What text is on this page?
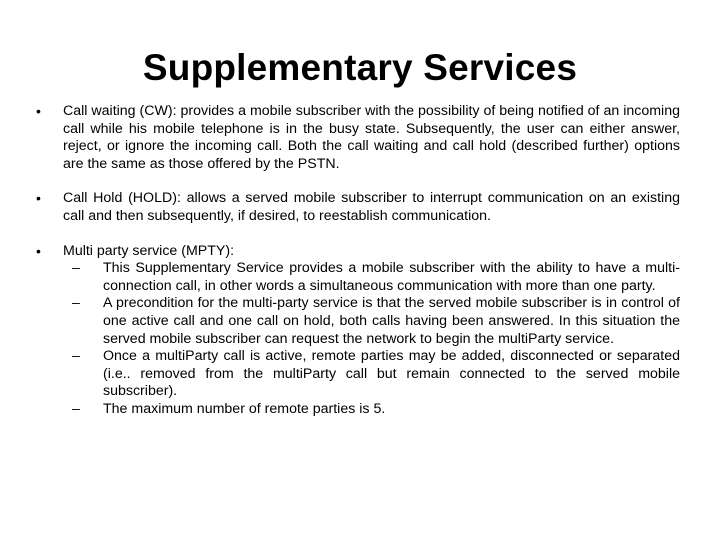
Supplementary Services
• Call waiting (CW): provides a mobile subscriber with the possibility of being notified of an incoming call while his mobile telephone is in the busy state. Subsequently, the user can either answer, reject, or ignore the incoming call. Both the call waiting and call hold (described further) options are the same as those offered by the PSTN.
• Call Hold (HOLD): allows a served mobile subscriber to interrupt communication on an existing call and then subsequently, if desired, to reestablish communication.
• Multi party service (MPTY):
– This Supplementary Service provides a mobile subscriber with the ability to have a multi-connection call, in other words a simultaneous communication with more than one party.
– A precondition for the multi-party service is that the served mobile subscriber is in control of one active call and one call on hold, both calls having been answered. In this situation the served mobile subscriber can request the network to begin the multiParty service.
– Once a multiParty call is active, remote parties may be added, disconnected or separated (i.e.. removed from the multiParty call but remain connected to the served mobile subscriber).
– The maximum number of remote parties is 5.
